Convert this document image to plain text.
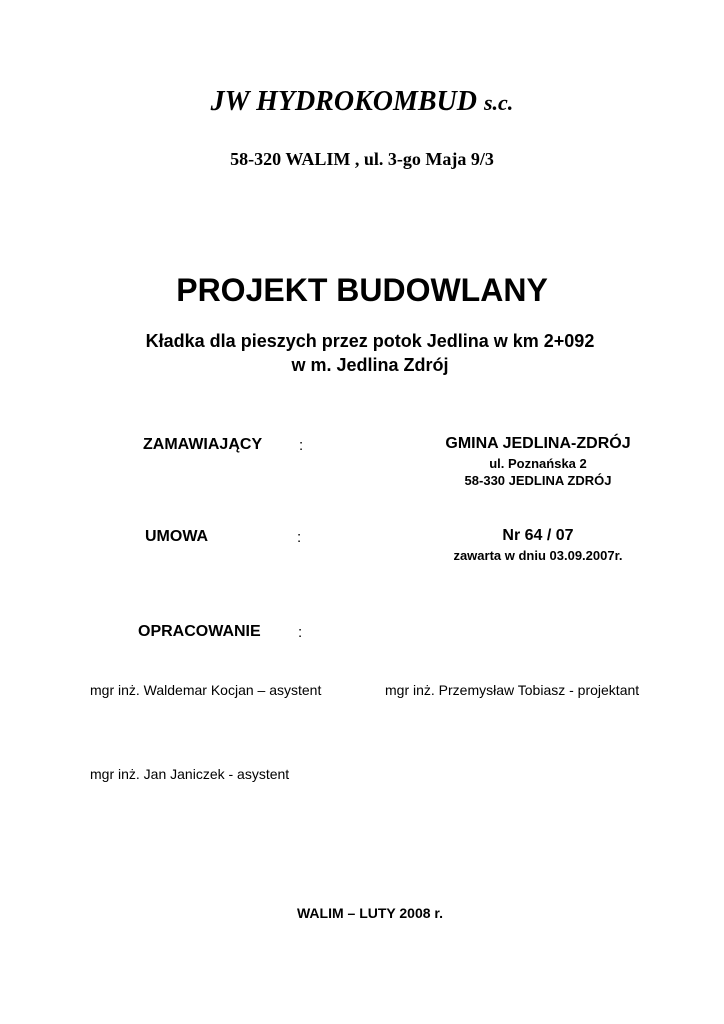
JW HYDROKOMBUD s.c.
58-320 WALIM , ul. 3-go Maja 9/3
PROJEKT BUDOWLANY
Kładka dla pieszych przez potok Jedlina w km 2+092
w m. Jedlina Zdrój
ZAMAWIAJĄCY :	GMINA JEDLINA-ZDRÓJ
ul. Poznańska 2
58-330 JEDLINA ZDRÓJ
UMOWA	:	Nr 64 / 07
zawarta w dniu 03.09.2007r.
OPRACOWANIE :
mgr inż. Waldemar Kocjan – asystent	mgr inż. Przemysław Tobiasz - projektant
mgr inż. Jan Janiczek - asystent
WALIM – LUTY 2008 r.
